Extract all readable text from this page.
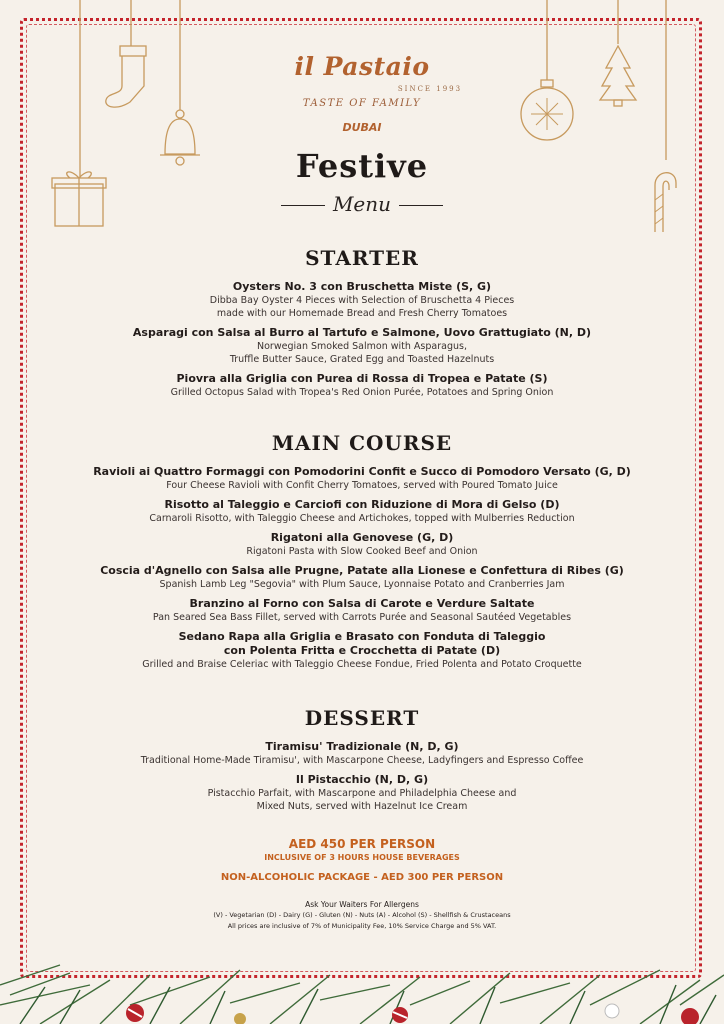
il Pastaio
SINCE 1993
TASTE OF FAMILY
DUBAI
Festive
Menu
STARTER
Oysters No. 3 con Bruschetta Miste (S, G)
Dibba Bay Oyster 4 Pieces with Selection of Bruschetta 4 Pieces
made with our Homemade Bread and Fresh Cherry Tomatoes
Asparagi con Salsa al Burro al Tartufo e Salmone, Uovo Grattugiato (N, D)
Norwegian Smoked Salmon with Asparagus,
Truffle Butter Sauce, Grated Egg and Toasted Hazelnuts
Piovra alla Griglia con Purea di Rossa di Tropea e Patate (S)
Grilled Octopus Salad with Tropea's Red Onion Purée, Potatoes and Spring Onion
MAIN COURSE
Ravioli ai Quattro Formaggi con Pomodorini Confit e Succo di Pomodoro Versato (G, D)
Four Cheese Ravioli with Confit Cherry Tomatoes, served with Poured Tomato Juice
Risotto al Taleggio e Carciofi con Riduzione di Mora di Gelso (D)
Carnaroli Risotto, with Taleggio Cheese and Artichokes, topped with Mulberries Reduction
Rigatoni alla Genovese (G, D)
Rigatoni Pasta with Slow Cooked Beef and Onion
Coscia d'Agnello con Salsa alle Prugne, Patate alla Lionese e Confettura di Ribes (G)
Spanish Lamb Leg "Segovia" with Plum Sauce, Lyonnaise Potato and Cranberries Jam
Branzino al Forno con Salsa di Carote e Verdure Saltate
Pan Seared Sea Bass Fillet, served with Carrots Purée and Seasonal Sautéed Vegetables
Sedano Rapa alla Griglia e Brasato con Fonduta di Taleggio
con Polenta Fritta e Crocchetta di Patate (D)
Grilled and Braise Celeriac with Taleggio Cheese Fondue, Fried Polenta and Potato Croquette
DESSERT
Tiramisu' Tradizionale (N, D, G)
Traditional Home-Made Tiramisu', with Mascarpone Cheese, Ladyfingers and Espresso Coffee
Il Pistacchio (N, D, G)
Pistacchio Parfait, with Mascarpone and Philadelphia Cheese and
Mixed Nuts, served with Hazelnut Ice Cream
AED 450 PER PERSON
INCLUSIVE OF 3 HOURS HOUSE BEVERAGES
NON-ALCOHOLIC PACKAGE - AED 300 PER PERSON
Ask Your Waiters For Allergens
(V) - Vegetarian (D) - Dairy (G) - Gluten (N) - Nuts (A) - Alcohol (S) - Shellfish & Crustaceans
All prices are inclusive of 7% of Municipality Fee, 10% Service Charge and 5% VAT.
